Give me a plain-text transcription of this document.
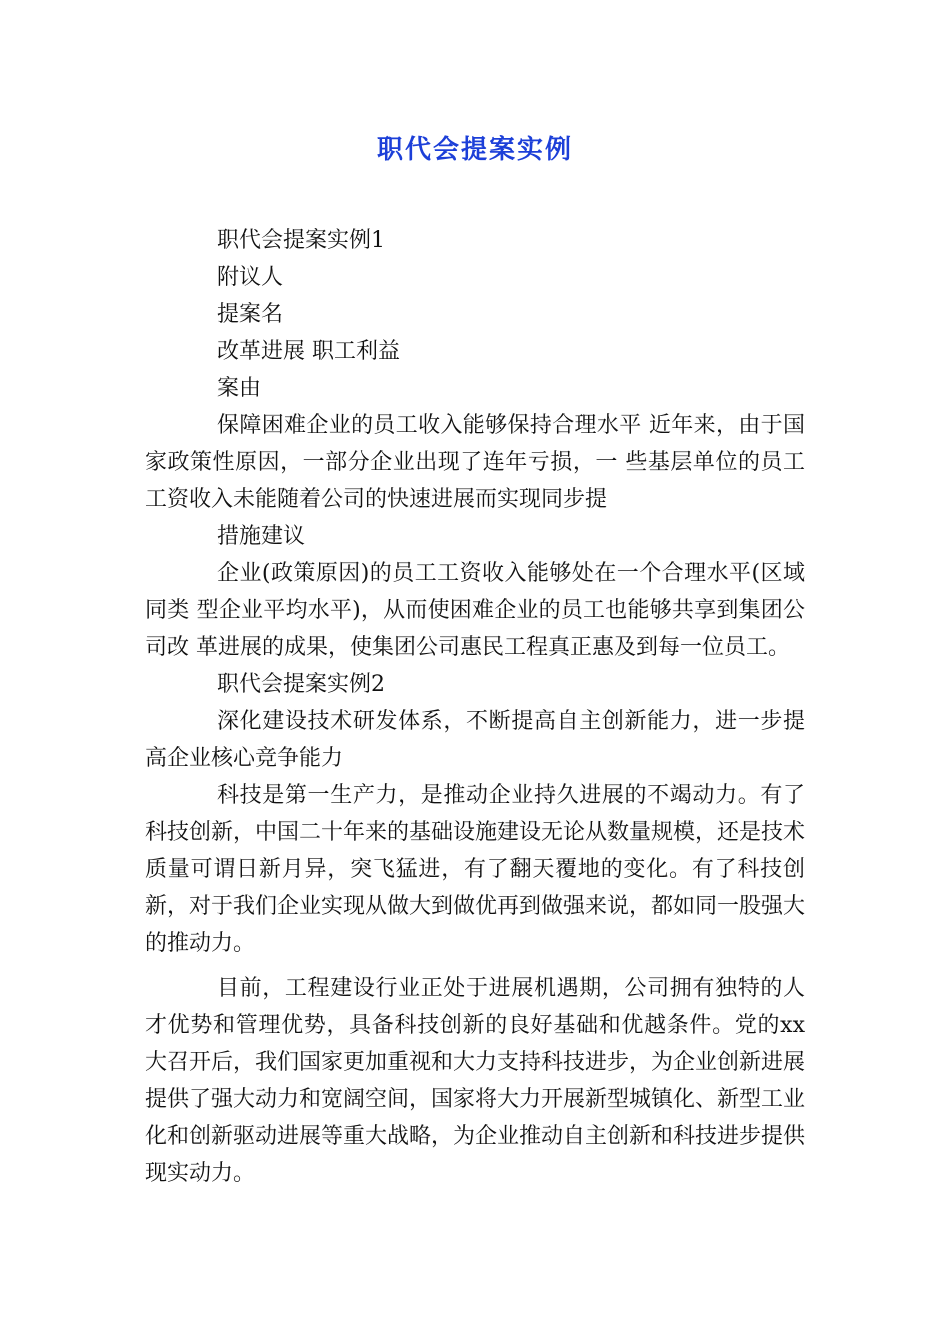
职代会提案实例

职代会提案实例1

附议人

提案名

改革进展 职工利益

案由

保障困难企业的员工收入能够保持合理水平 近年来，由于国家政策性原因，一部分企业出现了连年亏损，一 些基层单位的员工工资收入未能随着公司的快速进展而实现同步提

措施建议

企业(政策原因)的员工工资收入能够处在一个合理水平(区域同类 型企业平均水平)，从而使困难企业的员工也能够共享到集团公司改 革进展的成果，使集团公司惠民工程真正惠及到每一位员工。

职代会提案实例2

深化建设技术研发体系，不断提高自主创新能力，进一步提高企业核心竞争能力

科技是第一生产力，是推动企业持久进展的不竭动力。有了科技创新，中国二十年来的基础设施建设无论从数量规模，还是技术质量可谓日新月异，突飞猛进，有了翻天覆地的变化。有了科技创新，对于我们企业实现从做大到做优再到做强来说，都如同一股强大的推动力。

目前，工程建设行业正处于进展机遇期，公司拥有独特的人才优势和管理优势，具备科技创新的良好基础和优越条件。党的xx大召开后，我们国家更加重视和大力支持科技进步，为企业创新进展提供了强大动力和宽阔空间，国家将大力开展新型城镇化、新型工业化和创新驱动进展等重大战略，为企业推动自主创新和科技进步提供现实动力。
